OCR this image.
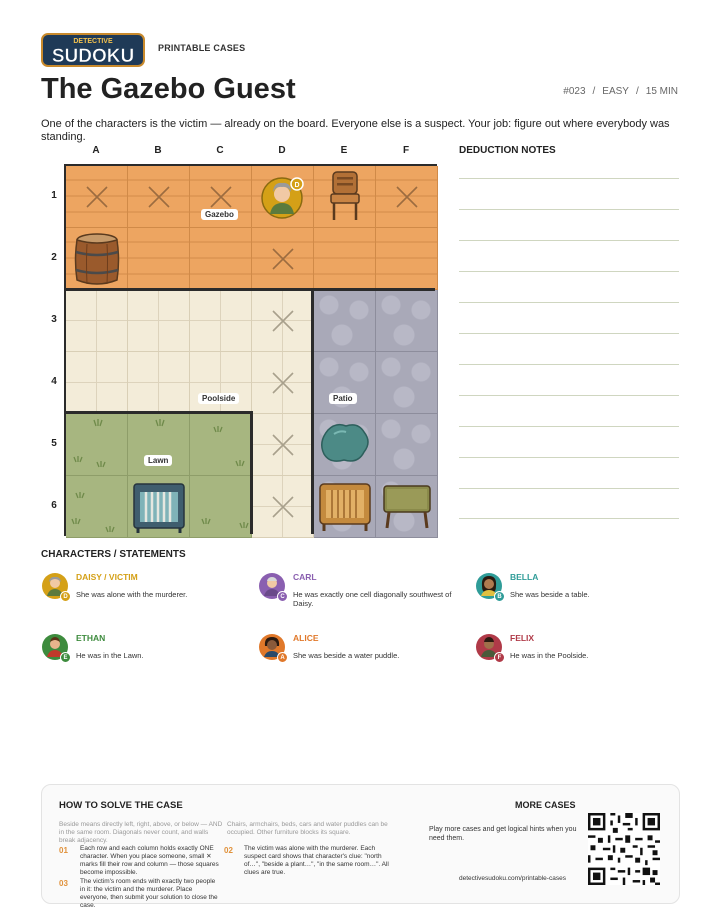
DETECTIVE
SUDOKU	PRINTABLE CASES
The Gazebo Guest	#023 / EASY / 15 MIN
One of the characters is the victim — already on the board. Everyone else is a suspect. Your job: figure out where everybody was standing.
A	B	C	D	E	F
1
2
3
4
5
6
D
Gazebo
Poolside	Patio
Lawn
DEDUCTION NOTES
CHARACTERS / STATEMENTS
D
DAISY / VICTIM
She was alone with the murderer.	C
CARL
He was exactly one cell diagonally southwest of Daisy.
B
BELLA
She was beside a table.
E
ETHAN
He was in the Lawn.	A
ALICE
She was beside a water puddle.	F
FELIX
He was in the Poolside.
HOW TO SOLVE THE CASE
Beside means directly left, right, above, or below — AND in the same room. Diagonals never count, and walls break adjacency.
Chairs, armchairs, beds, cars and water puddles can be occupied. Other furniture blocks its square.
01 Each row and each column holds exactly ONE character. When you place someone, small ✕ marks fill their row and column — those squares become impossible.
02 The victim was alone with the murderer. Each suspect card shows that character's clue: "north of…", "beside a plant…", "in the same room…". All clues are true.
03 The victim's room ends with exactly two people in it: the victim and the murderer. Place everyone, then submit your solution to close the case.
MORE CASES
Play more cases and get logical hints when you need them.
detectivesudoku.com/printable-cases
